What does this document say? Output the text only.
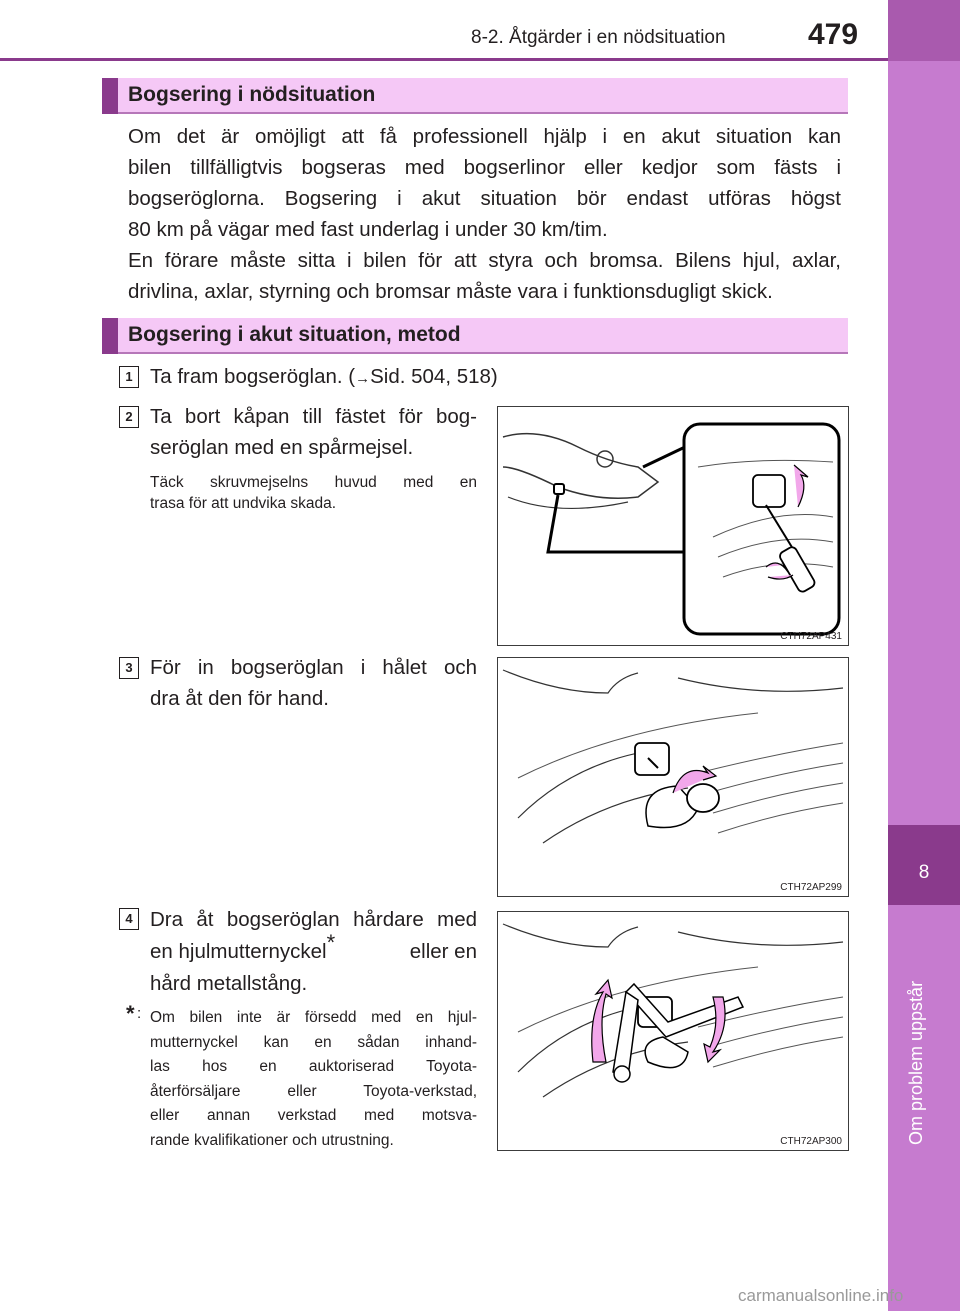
8-2. Åtgärder i en nödsituation	479
8
Om problem uppstår
Bogsering i nödsituation
Om det är omöjligt att få professionell hjälp i en akut situation kan
bilen tillfälligtvis bogseras med bogserlinor eller kedjor som fästs i
bogseröglorna. Bogsering i akut situation bör endast utföras högst
80 km på vägar med fast underlag i under 30 km/tim.
En förare måste sitta i bilen för att styra och bromsa. Bilens hjul, axlar,
drivlina, axlar, styrning och bromsar måste vara i funktionsdugligt skick.
Bogsering i akut situation, metod
1 Ta fram bogseröglan. (→Sid. 504, 518)
2 Ta bort kåpan till fästet för bog-
seröglan med en spårmejsel.
Täck skruvmejselns huvud med en
trasa för att undvika skada.
CTH72AP431
3 För in bogseröglan i hålet och
dra åt den för hand.
CTH72AP299
4 Dra åt bogseröglan hårdare med
en hjulmutternyckel*	eller en
hård metallstång.
* : Om bilen inte är försedd med en hjul-
mutternyckel kan en sådan inhand-
las hos en auktoriserad Toyota-
återförsäljare eller Toyota-verkstad,
eller annan verkstad med motsva-
rande kvalifikationer och utrustning.	CTH72AP300
carmanualsonline.info
